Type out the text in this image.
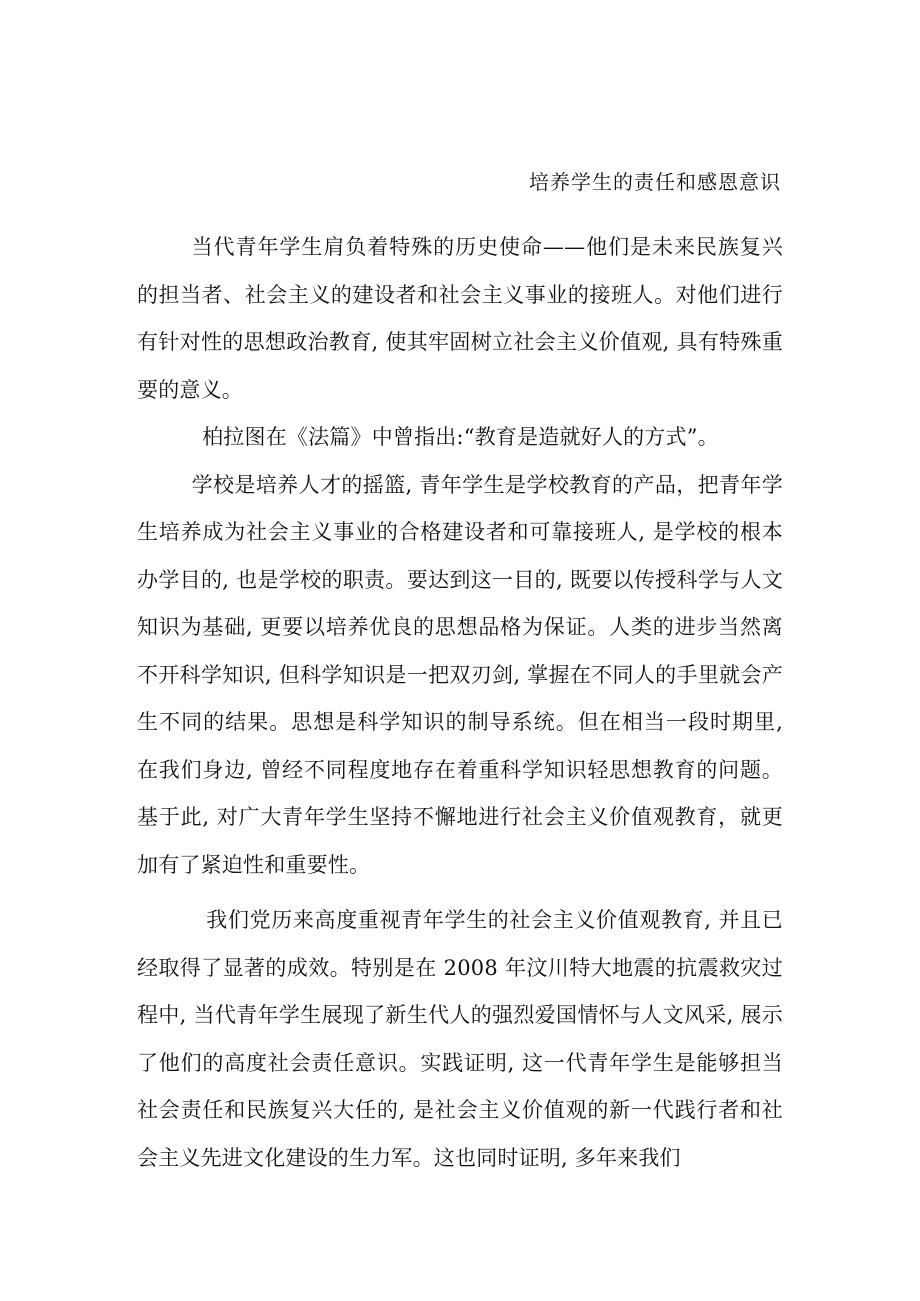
培养学生的责任和感恩意识

当代青年学生肩负着特殊的历史使命——他们是未来民族复兴的担当者、社会主义的建设者和社会主义事业的接班人。对他们进行有针对性的思想政治教育, 使其牢固树立社会主义价值观, 具有特殊重要的意义。

柏拉图在《法篇》中曾指出:“教育是造就好人的方式”。

学校是培养人才的摇篮, 青年学生是学校教育的产品，把青年学生培养成为社会主义事业的合格建设者和可靠接班人, 是学校的根本办学目的, 也是学校的职责。要达到这一目的, 既要以传授科学与人文知识为基础, 更要以培养优良的思想品格为保证。人类的进步当然离不开科学知识, 但科学知识是一把双刃剑, 掌握在不同人的手里就会产生不同的结果。思想是科学知识的制导系统。但在相当一段时期里, 在我们身边, 曾经不同程度地存在着重科学知识轻思想教育的问题。基于此, 对广大青年学生坚持不懈地进行社会主义价值观教育，就更加有了紧迫性和重要性。

我们党历来高度重视青年学生的社会主义价值观教育, 并且已经取得了显著的成效。特别是在 2008 年汶川特大地震的抗震救灾过程中, 当代青年学生展现了新生代人的强烈爱国情怀与人文风采, 展示了他们的高度社会责任意识。实践证明, 这一代青年学生是能够担当社会责任和民族复兴大任的, 是社会主义价值观的新一代践行者和社会主义先进文化建设的生力军。这也同时证明, 多年来我们
